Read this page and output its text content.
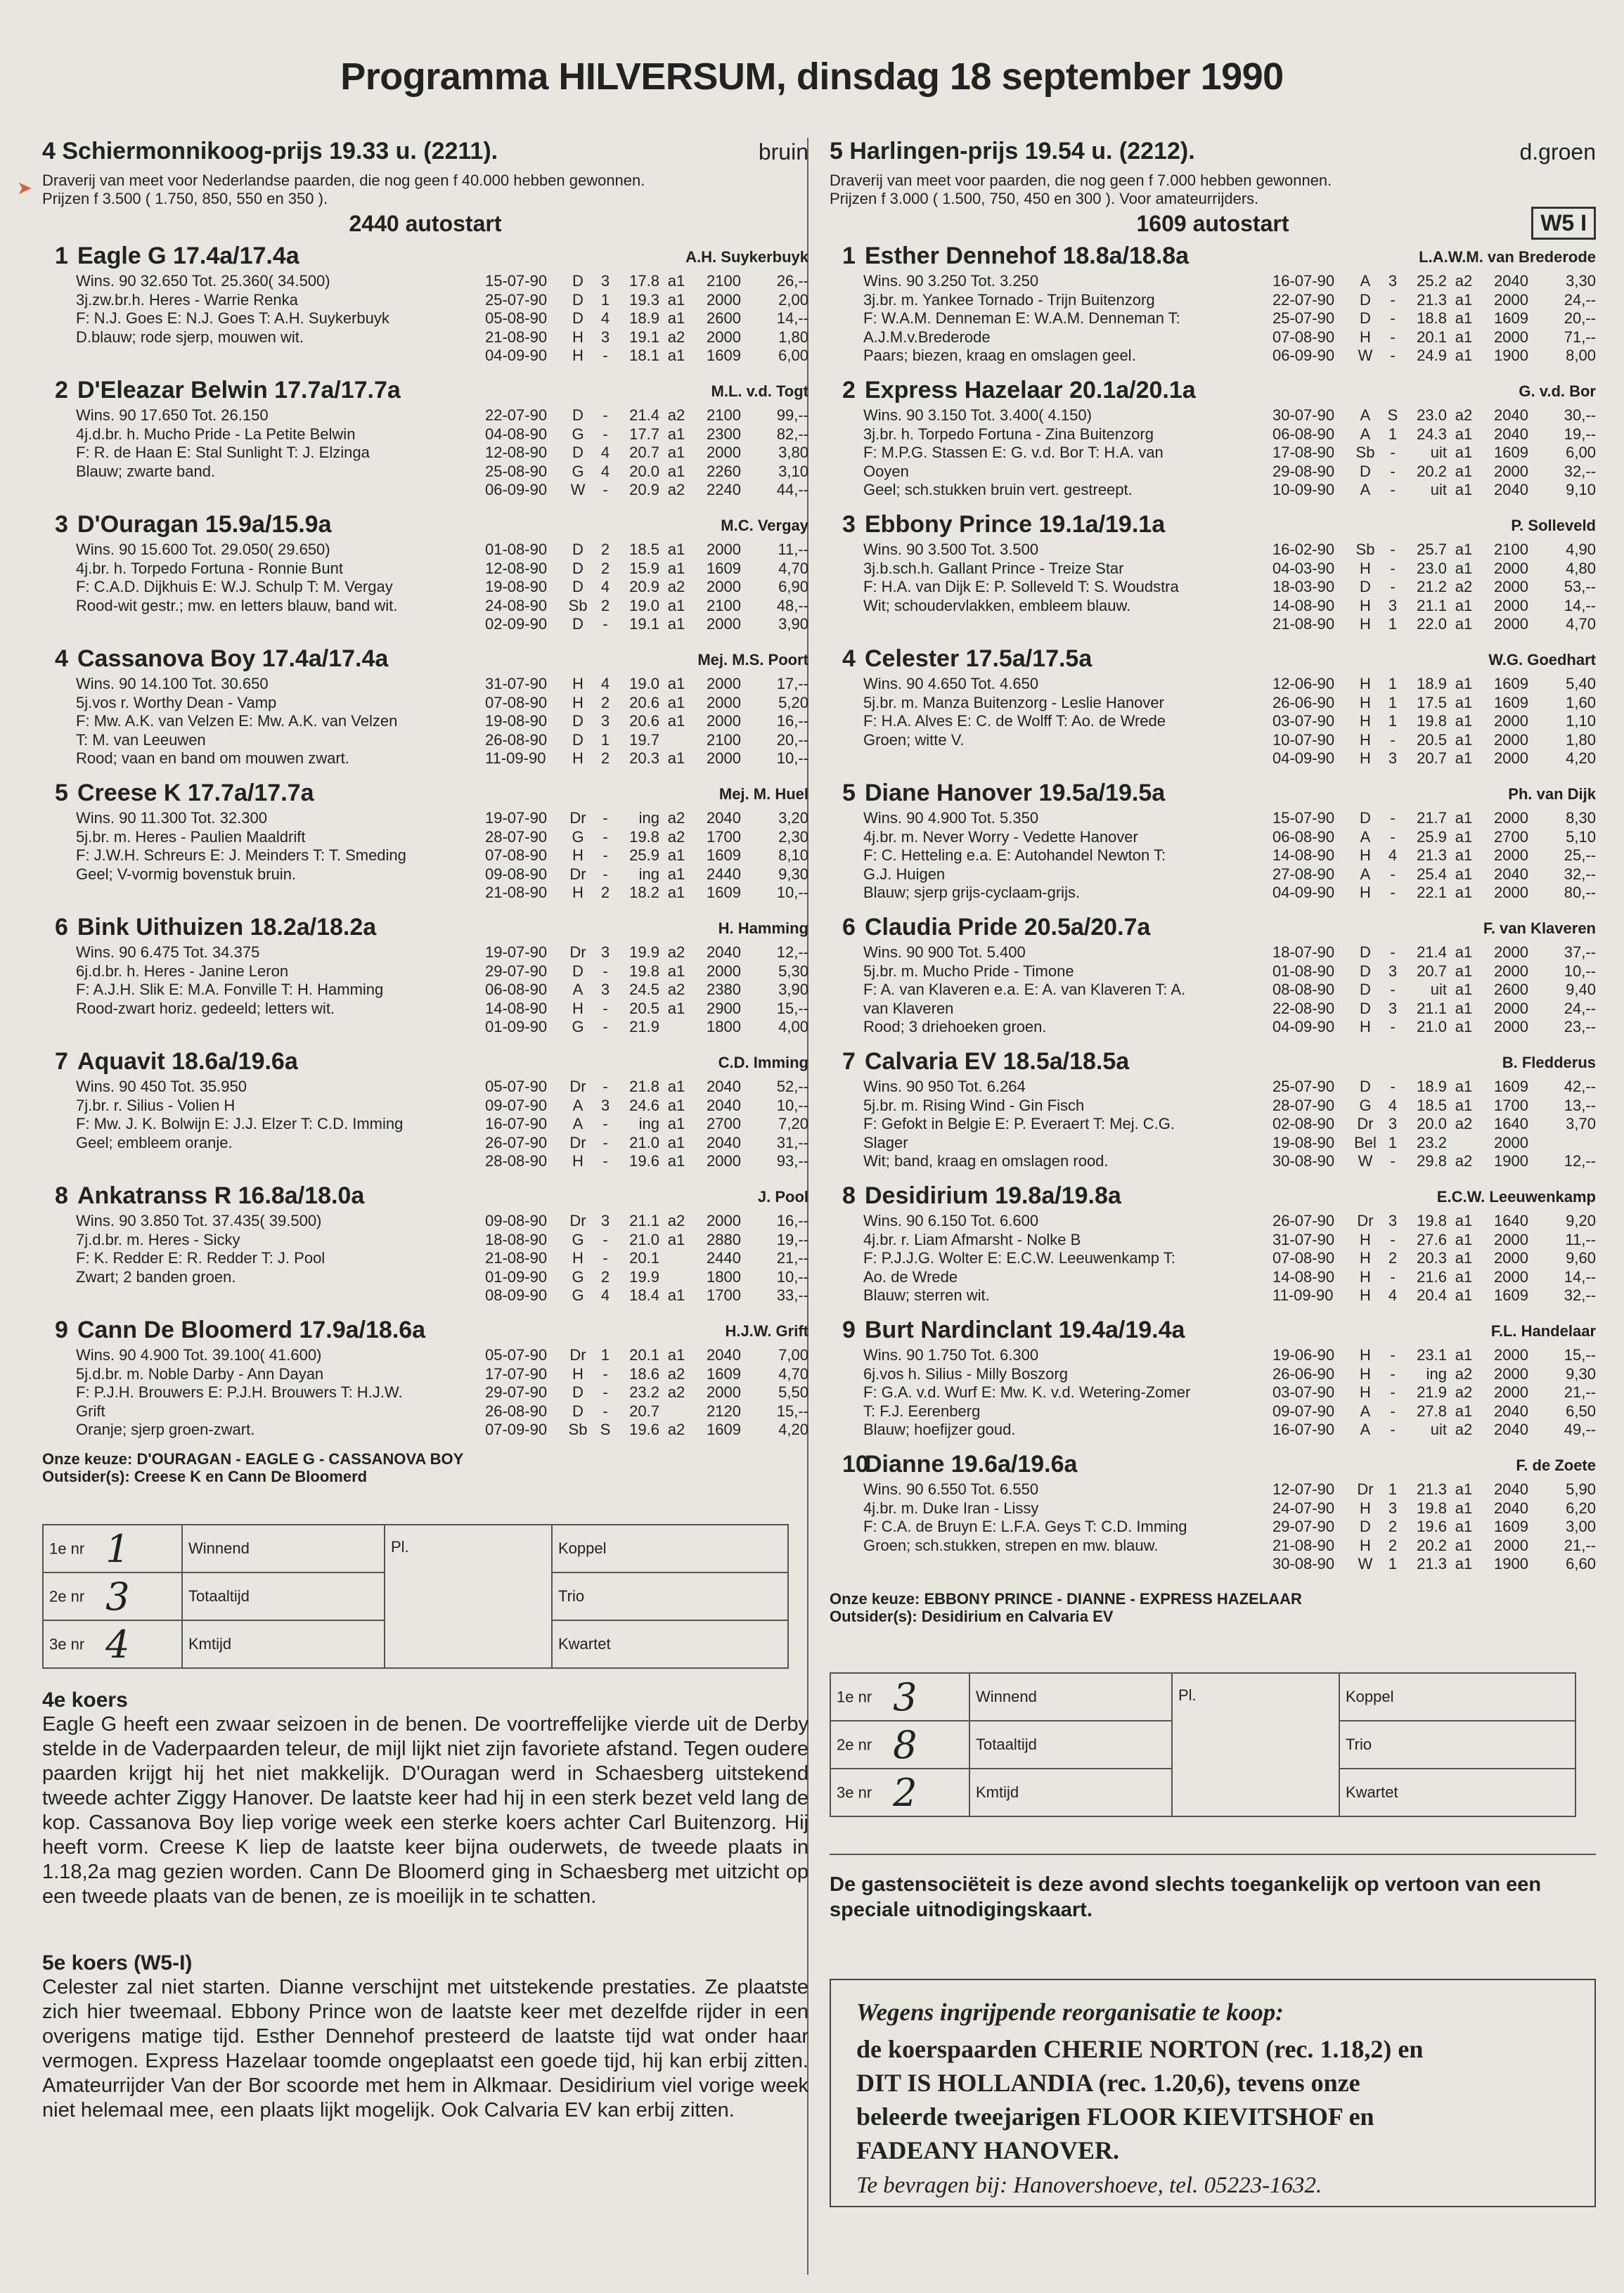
Programma HILVERSUM, dinsdag 18 september 1990
➤
4 Schiermonnikoog-prijs 19.33 u. (2211).	bruin
Draverij van meet voor Nederlandse paarden, die nog geen f 40.000 hebben gewonnen.
Prijzen f 3.500 ( 1.750, 850, 550 en 350 ).
2440 autostart
1 Eagle G 17.4a/17.4a	A.H. Suykerbuyk
Wins. 90 32.650 Tot. 25.360( 34.500)
3j.zw.br.h. Heres - Warrie Renka
F: N.J. Goes E: N.J. Goes T: A.H. Suykerbuyk
D.blauw; rode sjerp, mouwen wit.
15-07-90	D	3	17.8 a1	2100	26,--
25-07-90	D	1	19.3 a1	2000	2,00
05-08-90	D	4	18.9 a1	2600	14,--
21-08-90	H	3	19.1 a2	2000	1,80
04-09-90	H	-	18.1 a1	1609	6,00
2 D'Eleazar Belwin 17.7a/17.7a	M.L. v.d. Togt
Wins. 90 17.650 Tot. 26.150
4j.d.br. h. Mucho Pride - La Petite Belwin
F: R. de Haan E: Stal Sunlight T: J. Elzinga
Blauw; zwarte band.
22-07-90	D	-	21.4 a2	2100	99,--
04-08-90	G	-	17.7 a1	2300	82,--
12-08-90	D	4	20.7 a1	2000	3,80
25-08-90	G	4	20.0 a1	2260	3,10
06-09-90	W	-	20.9 a2	2240	44,--
3 D'Ouragan 15.9a/15.9a	M.C. Vergay
Wins. 90 15.600 Tot. 29.050( 29.650)
4j.br. h. Torpedo Fortuna - Ronnie Bunt
F: C.A.D. Dijkhuis E: W.J. Schulp T: M. Vergay
Rood-wit gestr.; mw. en letters blauw, band wit.
01-08-90	D	2	18.5 a1	2000	11,--
12-08-90	D	2	15.9 a1	1609	4,70
19-08-90	D	4	20.9 a2	2000	6,90
24-08-90	Sb 2	19.0 a1	2100	48,--
02-09-90	D	-	19.1 a1	2000	3,90
4 Cassanova Boy 17.4a/17.4a	Mej. M.S. Poort
Wins. 90 14.100 Tot. 30.650
5j.vos r. Worthy Dean - Vamp
F: Mw. A.K. van Velzen E: Mw. A.K. van Velzen
T: M. van Leeuwen
Rood; vaan en band om mouwen zwart.
31-07-90	H	4	19.0 a1	2000	17,--
07-08-90	H	2	20.6 a1	2000	5,20
19-08-90	D	3	20.6 a1	2000	16,--
26-08-90	D	1	19.7	2100	20,--
11-09-90	H	2	20.3 a1	2000	10,--
5 Creese K 17.7a/17.7a	Mej. M. Huel
Wins. 90 11.300 Tot. 32.300
5j.br. m. Heres - Paulien Maaldrift
F: J.W.H. Schreurs E: J. Meinders T: T. Smeding
Geel; V-vormig bovenstuk bruin.
19-07-90	Dr	-	ing a2	2040	3,20
28-07-90	G	-	19.8 a2	1700	2,30
07-08-90	H	-	25.9 a1	1609	8,10
09-08-90	Dr	-	ing a1	2440	9,30
21-08-90	H	2	18.2 a1	1609	10,--
6 Bink Uithuizen 18.2a/18.2a	H. Hamming
Wins. 90 6.475 Tot. 34.375
6j.d.br. h. Heres - Janine Leron
F: A.J.H. Slik E: M.A. Fonville T: H. Hamming
Rood-zwart horiz. gedeeld; letters wit.
19-07-90	Dr 3	19.9 a2	2040	12,--
29-07-90	D	-	19.8 a1	2000	5,30
06-08-90	A	3	24.5 a2	2380	3,90
14-08-90	H	-	20.5 a1	2900	15,--
01-09-90	G	-	21.9	1800	4,00
7 Aquavit 18.6a/19.6a	C.D. Imming
Wins. 90 450 Tot. 35.950
7j.br. r. Silius - Volien H
F: Mw. J. K. Bolwijn E: J.J. Elzer T: C.D. Imming
Geel; embleem oranje.
05-07-90	Dr	-	21.8 a1	2040	52,--
09-07-90	A	3	24.6 a1	2040	10,--
16-07-90	A	-	ing a1	2700	7,20
26-07-90	Dr	-	21.0 a1	2040	31,--
28-08-90	H	-	19.6 a1	2000	93,--
8 Ankatranss R 16.8a/18.0a	J. Pool
Wins. 90 3.850 Tot. 37.435( 39.500)
7j.d.br. m. Heres - Sicky
F: K. Redder E: R. Redder T: J. Pool
Zwart; 2 banden groen.
09-08-90	Dr 3	21.1 a2	2000	16,--
18-08-90	G	-	21.0 a1	2880	19,--
21-08-90	H	-	20.1	2440	21,--
01-09-90	G	2	19.9	1800	10,--
08-09-90	G	4	18.4 a1	1700	33,--
9 Cann De Bloomerd 17.9a/18.6a	H.J.W. Grift
Wins. 90 4.900 Tot. 39.100( 41.600)
5j.d.br. m. Noble Darby - Ann Dayan
F: P.J.H. Brouwers E: P.J.H. Brouwers T: H.J.W.
Grift
Oranje; sjerp groen-zwart.
05-07-90	Dr 1	20.1 a1	2040	7,00
17-07-90	H	-	18.6 a2	1609	4,70
29-07-90	D	-	23.2 a2	2000	5,50
26-08-90	D	-	20.7	2120	15,--
07-09-90	Sb S	19.6 a2	1609	4,20
Onze keuze: D'OURAGAN - EAGLE G - CASSANOVA BOY
Outsider(s): Creese K en Cann De Bloomerd
1e nr 1	Winnend	Pl.	Koppel
2e nr 3	Totaaltijd		Trio
3e nr 4	Kmtijd		Kwartet
4e koers
Eagle G heeft een zwaar seizoen in de benen. De voortreffelijke vierde uit de Derby stelde in de Vaderpaarden teleur, de mijl lijkt niet zijn favoriete afstand. Tegen oudere paarden krijgt hij het niet makkelijk. D'Ouragan werd in Schaesberg uitstekend tweede achter Ziggy Hanover. De laatste keer had hij in een sterk bezet veld lang de kop. Cassanova Boy liep vorige week een sterke koers achter Carl Buitenzorg. Hij heeft vorm. Creese K liep de laatste keer bijna ouderwets, de tweede plaats in 1.18,2a mag gezien worden. Cann De Bloomerd ging in Schaesberg met uitzicht op een tweede plaats van de benen, ze is moeilijk in te schatten.
5e koers (W5-I)
Celester zal niet starten. Dianne verschijnt met uitstekende prestaties. Ze plaatste zich hier tweemaal. Ebbony Prince won de laatste keer met dezelfde rijder in een overigens matige tijd. Esther Dennehof presteerd de laatste tijd wat onder haar vermogen. Express Hazelaar toomde ongeplaatst een goede tijd, hij kan erbij zitten. Amateurrijder Van der Bor scoorde met hem in Alkmaar. Desidirium viel vorige week niet helemaal mee, een plaats lijkt mogelijk. Ook Calvaria EV kan erbij zitten.
5 Harlingen-prijs 19.54 u. (2212).	d.groen
Draverij van meet voor paarden, die nog geen f 7.000 hebben gewonnen.
Prijzen f 3.000 ( 1.500, 750, 450 en 300 ). Voor amateurrijders.
1609 autostart	W5 I
1 Esther Dennehof 18.8a/18.8a	L.A.W.M. van Brederode
Wins. 90 3.250 Tot. 3.250
3j.br. m. Yankee Tornado - Trijn Buitenzorg
F: W.A.M. Denneman E: W.A.M. Denneman T:
A.J.M.v.Brederode
Paars; biezen, kraag en omslagen geel.
16-07-90	A	3	25.2 a2	2040	3,30
22-07-90	D	-	21.3 a1	2000	24,--
25-07-90	D	-	18.8 a1	1609	20,--
07-08-90	H	-	20.1 a1	2000	71,--
06-09-90	W	-	24.9 a1	1900	8,00
2 Express Hazelaar 20.1a/20.1a	G. v.d. Bor
Wins. 90 3.150 Tot. 3.400( 4.150)
3j.br. h. Torpedo Fortuna - Zina Buitenzorg
F: M.P.G. Stassen E: G. v.d. Bor T: H.A. van
Ooyen
Geel; sch.stukken bruin vert. gestreept.
30-07-90	A	S	23.0 a2	2040	30,--
06-08-90	A	1	24.3 a1	2040	19,--
17-08-90	Sb -	uit a1	1609	6,00
29-08-90	D	-	20.2 a1	2000	32,--
10-09-90	A	-	uit a1	2040	9,10
3 Ebbony Prince 19.1a/19.1a	P. Solleveld
Wins. 90 3.500 Tot. 3.500
3j.b.sch.h. Gallant Prince - Treize Star
F: H.A. van Dijk E: P. Solleveld T: S. Woudstra
Wit; schoudervlakken, embleem blauw.
16-02-90	Sb -	25.7 a1	2100	4,90
04-03-90	H	-	23.0 a1	2000	4,80
18-03-90	D	-	21.2 a2	2000	53,--
14-08-90	H	3	21.1 a1	2000	14,--
21-08-90	H	1	22.0 a1	2000	4,70
4 Celester 17.5a/17.5a	W.G. Goedhart
Wins. 90 4.650 Tot. 4.650
5j.br. m. Manza Buitenzorg - Leslie Hanover
F: H.A. Alves E: C. de Wolff T: Ao. de Wrede
Groen; witte V.
12-06-90	H	1	18.9 a1	1609	5,40
26-06-90	H	1	17.5 a1	1609	1,60
03-07-90	H	1	19.8 a1	2000	1,10
10-07-90	H	-	20.5 a1	2000	1,80
04-09-90	H	3	20.7 a1	2000	4,20
5 Diane Hanover 19.5a/19.5a	Ph. van Dijk
Wins. 90 4.900 Tot. 5.350
4j.br. m. Never Worry - Vedette Hanover
F: C. Hetteling e.a. E: Autohandel Newton T:
G.J. Huigen
Blauw; sjerp grijs-cyclaam-grijs.
15-07-90	D	-	21.7 a1	2000	8,30
06-08-90	A	-	25.9 a1	2700	5,10
14-08-90	H	4	21.3 a1	2000	25,--
27-08-90	A	-	25.4 a1	2040	32,--
04-09-90	H	-	22.1 a1	2000	80,--
6 Claudia Pride 20.5a/20.7a	F. van Klaveren
Wins. 90 900 Tot. 5.400
5j.br. m. Mucho Pride - Timone
F: A. van Klaveren e.a. E: A. van Klaveren T: A.
van Klaveren
Rood; 3 driehoeken groen.
18-07-90	D	-	21.4 a1	2000	37,--
01-08-90	D	3	20.7 a1	2000	10,--
08-08-90	D	-	uit a1	2600	9,40
22-08-90	D	3	21.1 a1	2000	24,--
04-09-90	H	-	21.0 a1	2000	23,--
7 Calvaria EV 18.5a/18.5a	B. Fledderus
Wins. 90 950 Tot. 6.264
5j.br. m. Rising Wind - Gin Fisch
F: Gefokt in Belgie E: P. Everaert T: Mej. C.G.
Slager
Wit; band, kraag en omslagen rood.
25-07-90	D	-	18.9 a1	1609	42,--
28-07-90	G	4	18.5 a1	1700	13,--
02-08-90	Dr 3	20.0 a2	1640	3,70
19-08-90	Bel 1	23.2	2000
30-08-90	W	-	29.8 a2	1900	12,--
8 Desidirium 19.8a/19.8a	E.C.W. Leeuwenkamp
Wins. 90 6.150 Tot. 6.600
4j.br. r. Liam Afmarsht - Nolke B
F: P.J.J.G. Wolter E: E.C.W. Leeuwenkamp T:
Ao. de Wrede
Blauw; sterren wit.
26-07-90	Dr 3	19.8 a1	1640	9,20
31-07-90	H	-	27.6 a1	2000	11,--
07-08-90	H	2	20.3 a1	2000	9,60
14-08-90	H	-	21.6 a1	2000	14,--
11-09-90	H	4	20.4 a1	1609	32,--
9 Burt Nardinclant 19.4a/19.4a	F.L. Handelaar
Wins. 90 1.750 Tot. 6.300
6j.vos h. Silius - Milly Boszorg
F: G.A. v.d. Wurf E: Mw. K. v.d. Wetering-Zomer
T: F.J. Eerenberg
Blauw; hoefijzer goud.
19-06-90	H	-	23.1 a1	2000	15,--
26-06-90	H	-	ing a2	2000	9,30
03-07-90	H	-	21.9 a2	2000	21,--
09-07-90	A	-	27.8 a1	2040	6,50
16-07-90	A	-	uit a2	2040	49,--
10
Dianne 19.6a/19.6a	F. de Zoete
Wins. 90 6.550 Tot. 6.550
4j.br. m. Duke Iran - Lissy
F: C.A. de Bruyn E: L.F.A. Geys T: C.D. Imming
Groen; sch.stukken, strepen en mw. blauw.
12-07-90	Dr 1	21.3 a1	2040	5,90
24-07-90	H	3	19.8 a1	2040	6,20
29-07-90	D	2	19.6 a1	1609	3,00
21-08-90	H	2	20.2 a1	2000	21,--
30-08-90	W	1	21.3 a1	1900	6,60
Onze keuze: EBBONY PRINCE - DIANNE - EXPRESS HAZELAAR
Outsider(s): Desidirium en Calvaria EV
1e nr 3	Winnend	Pl.	Koppel
2e nr 8	Totaaltijd		Trio
3e nr 2	Kmtijd		Kwartet
De gastensociëteit is deze avond slechts toegankelijk op vertoon van een speciale uitnodigingskaart.
Wegens ingrijpende reorganisatie te koop:
de koerspaarden CHERIE NORTON (rec. 1.18,2) en
DIT IS HOLLANDIA (rec. 1.20,6), tevens onze
beleerde tweejarigen FLOOR KIEVITSHOF en
FADEANY HANOVER.
Te bevragen bij: Hanovershoeve, tel. 05223-1632.
